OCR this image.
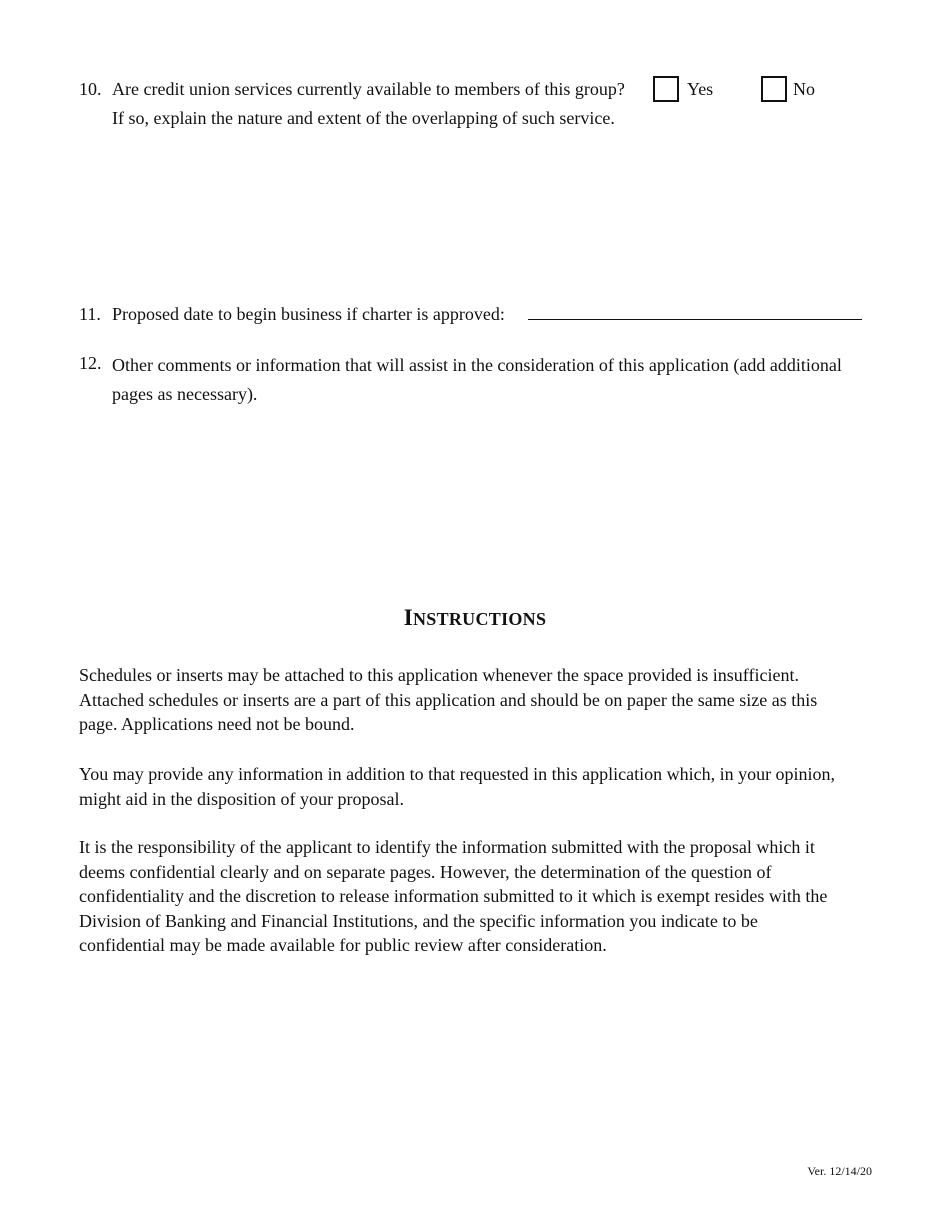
10. Are credit union services currently available to members of this group?	Yes	No
If so, explain the nature and extent of the overlapping of such service.
11. Proposed date to begin business if charter is approved:
12. Other comments or information that will assist in the consideration of this application (add additional
pages as necessary).
INSTRUCTIONS
Schedules or inserts may be attached to this application whenever the space provided is insufficient.
Attached schedules or inserts are a part of this application and should be on paper the same size as this
page. Applications need not be bound.
You may provide any information in addition to that requested in this application which, in your opinion,
might aid in the disposition of your proposal.
It is the responsibility of the applicant to identify the information submitted with the proposal which it
deems confidential clearly and on separate pages. However, the determination of the question of
confidentiality and the discretion to release information submitted to it which is exempt resides with the
Division of Banking and Financial Institutions, and the specific information you indicate to be
confidential may be made available for public review after consideration.
Ver. 12/14/20
